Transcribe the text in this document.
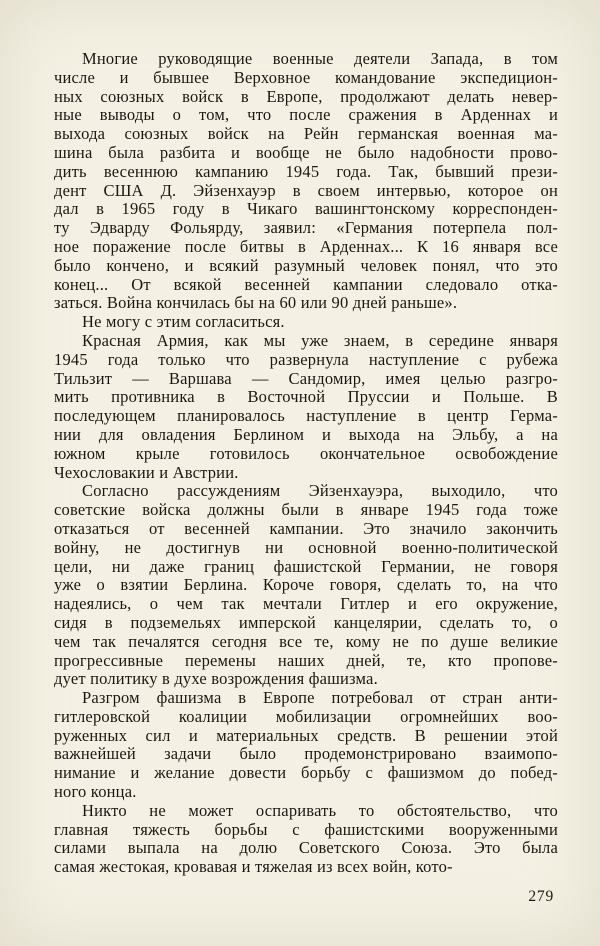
Многие руководящие военные деятели Запада, в том
числе и бывшее Верховное командование экспедицион-
ных союзных войск в Европе, продолжают делать невер-
ные выводы о том, что после сражения в Арденнах и
выхода союзных войск на Рейн германская военная ма-
шина была разбита и вообще не было надобности прово-
дить весеннюю кампанию 1945 года. Так, бывший прези-
дент США Д. Эйзенхауэр в своем интервью, которое он
дал в 1965 году в Чикаго вашингтонскому корреспонден-
ту Эдварду Фольярду, заявил: «Германия потерпела пол-
ное поражение после битвы в Арденнах... К 16 января все
было кончено, и всякий разумный человек понял, что это
конец... От всякой весенней кампании следовало отка-
заться. Война кончилась бы на 60 или 90 дней раньше».
Не могу с этим согласиться.
Красная Армия, как мы уже знаем, в середине января
1945 года только что развернула наступление с рубежа
Тильзит — Варшава — Сандомир, имея целью разгро-
мить противника в Восточной Пруссии и Польше. В
последующем планировалось наступление в центр Герма-
нии для овладения Берлином и выхода на Эльбу, а на
южном крыле готовилось окончательное освобождение
Чехословакии и Австрии.
Согласно рассуждениям Эйзенхауэра, выходило, что
советские войска должны были в январе 1945 года тоже
отказаться от весенней кампании. Это значило закончить
войну, не достигнув ни основной военно-политической
цели, ни даже границ фашистской Германии, не говоря
уже о взятии Берлина. Короче говоря, сделать то, на что
надеялись, о чем так мечтали Гитлер и его окружение,
сидя в подземельях имперской канцелярии, сделать то, о
чем так печалятся сегодня все те, кому не по душе великие
прогрессивные перемены наших дней, те, кто пропове-
дует политику в духе возрождения фашизма.
Разгром фашизма в Европе потребовал от стран анти-
гитлеровской коалиции мобилизации огромнейших воо-
руженных сил и материальных средств. В решении этой
важнейшей задачи было продемонстрировано взаимопо-
нимание и желание довести борьбу с фашизмом до побед-
ного конца.
Никто не может оспаривать то обстоятельство, что
главная тяжесть борьбы с фашистскими вооруженными
силами выпала на долю Советского Союза. Это была
самая жестокая, кровавая и тяжелая из всех войн, кото-
279
